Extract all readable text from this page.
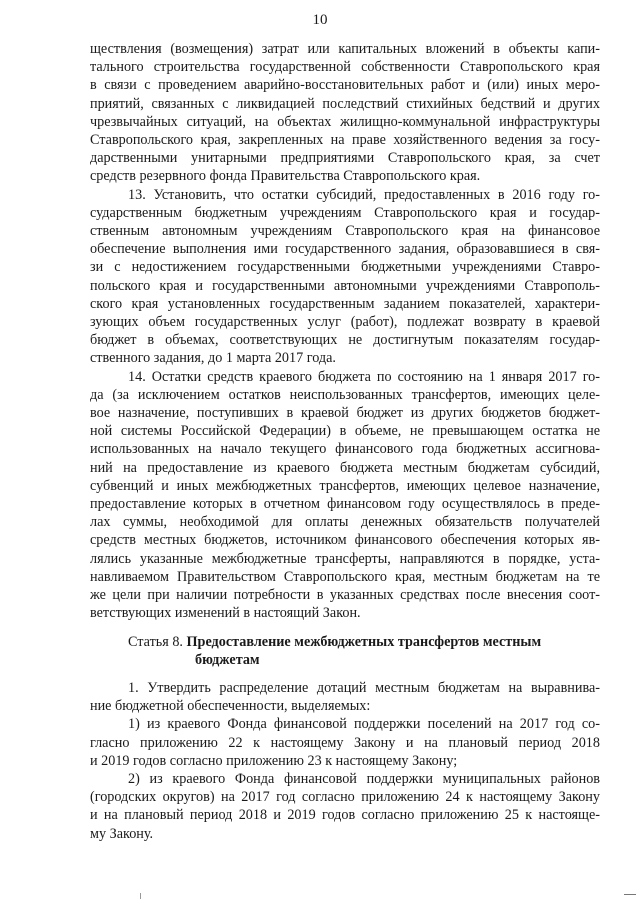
10
ществления (возмещения) затрат или капитальных вложений в объекты капи-
тального строительства государственной собственности Ставропольского края
в связи с проведением аварийно-восстановительных работ и (или) иных меро-
приятий, связанных с ликвидацией последствий стихийных бедствий и других
чрезвычайных ситуаций, на объектах жилищно-коммунальной инфраструктуры
Ставропольского края, закрепленных на праве хозяйственного ведения за госу-
дарственными унитарными предприятиями Ставропольского края, за счет
средств резервного фонда Правительства Ставропольского края.
13. Установить, что остатки субсидий, предоставленных в 2016 году го-
сударственным бюджетным учреждениям Ставропольского края и государ-
ственным автономным учреждениям Ставропольского края на финансовое
обеспечение выполнения ими государственного задания, образовавшиеся в свя-
зи с недостижением государственными бюджетными учреждениями Ставро-
польского края и государственными автономными учреждениями Ставрополь-
ского края установленных государственным заданием показателей, характери-
зующих объем государственных услуг (работ), подлежат возврату в краевой
бюджет в объемах, соответствующих не достигнутым показателям государ-
ственного задания, до 1 марта 2017 года.
14. Остатки средств краевого бюджета по состоянию на 1 января 2017 го-
да (за исключением остатков неиспользованных трансфертов, имеющих целе-
вое назначение, поступивших в краевой бюджет из других бюджетов бюджет-
ной системы Российской Федерации) в объеме, не превышающем остатка не
использованных на начало текущего финансового года бюджетных ассигнова-
ний на предоставление из краевого бюджета местным бюджетам субсидий,
субвенций и иных межбюджетных трансфертов, имеющих целевое назначение,
предоставление которых в отчетном финансовом году осуществлялось в преде-
лах суммы, необходимой для оплаты денежных обязательств получателей
средств местных бюджетов, источником финансового обеспечения которых яв-
лялись указанные межбюджетные трансферты, направляются в порядке, уста-
навливаемом Правительством Ставропольского края, местным бюджетам на те
же цели при наличии потребности в указанных средствах после внесения соот-
ветствующих изменений в настоящий Закон.
Статья 8. Предоставление межбюджетных трансфертов местным
бюджетам
1. Утвердить распределение дотаций местным бюджетам на выравнива-
ние бюджетной обеспеченности, выделяемых:
1) из краевого Фонда финансовой поддержки поселений на 2017 год со-
гласно приложению 22 к настоящему Закону и на плановый период 2018
и 2019 годов согласно приложению 23 к настоящему Закону;
2) из краевого Фонда финансовой поддержки муниципальных районов
(городских округов) на 2017 год согласно приложению 24 к настоящему Закону
и на плановый период 2018 и 2019 годов согласно приложению 25 к настояще-
му Закону.
